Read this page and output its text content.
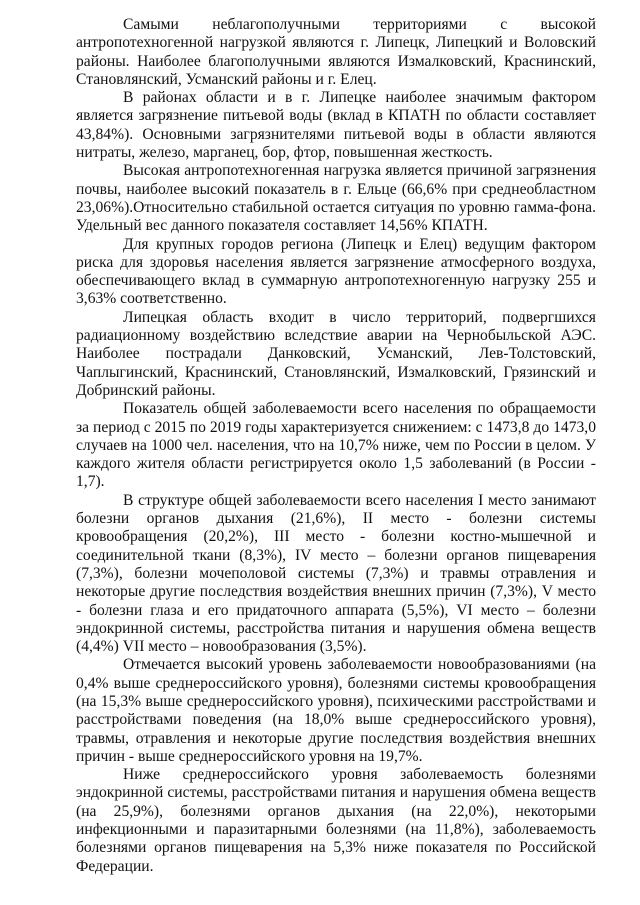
Самыми неблагополучными территориями с высокой антропотехногенной нагрузкой являются г. Липецк, Липецкий и Воловский районы. Наиболее благополучными являются Измалковский, Краснинский, Становлянский, Усманский районы и г. Елец.

В районах области и в г. Липецке наиболее значимым фактором является загрязнение питьевой воды (вклад в КПАТН по области составляет 43,84%). Основными загрязнителями питьевой воды в области являются нитраты, железо, марганец, бор, фтор, повышенная жесткость.

Высокая антропотехногенная нагрузка является причиной загрязнения почвы, наиболее высокий показатель в г. Ельце (66,6% при среднеобластном 23,06%).Относительно стабильной остается ситуация по уровню гамма-фона. Удельный вес данного показателя составляет 14,56% КПАТН.

Для крупных городов региона (Липецк и Елец) ведущим фактором риска для здоровья населения является загрязнение атмосферного воздуха, обеспечивающего вклад в суммарную антропотехногенную нагрузку 255 и 3,63% соответственно.

Липецкая область входит в число территорий, подвергшихся радиационному воздействию вследствие аварии на Чернобыльской АЭС. Наиболее пострадали Данковский, Усманский, Лев-Толстовский, Чаплыгинский, Краснинский, Становлянский, Измалковский, Грязинский и Добринский районы.

Показатель общей заболеваемости всего населения по обращаемости за период с 2015 по 2019 годы характеризуется снижением: с 1473,8 до 1473,0 случаев на 1000 чел. населения, что на 10,7% ниже, чем по России в целом. У каждого жителя области регистрируется около 1,5 заболеваний (в России - 1,7).

В структуре общей заболеваемости всего населения I место занимают болезни органов дыхания (21,6%), II место - болезни системы кровообращения (20,2%), III место - болезни костно-мышечной и соединительной ткани (8,3%), IV место – болезни органов пищеварения (7,3%), болезни мочеполовой системы (7,3%) и травмы отравления и некоторые другие последствия воздействия внешних причин (7,3%), V место - болезни глаза и его придаточного аппарата (5,5%), VI место – болезни эндокринной системы, расстройства питания и нарушения обмена веществ (4,4%) VII место – новообразования (3,5%).

Отмечается высокий уровень заболеваемости новообразованиями (на 0,4% выше среднероссийского уровня), болезнями системы кровообращения (на 15,3% выше среднероссийского уровня), психическими расстройствами и расстройствами поведения (на 18,0% выше среднероссийского уровня), травмы, отравления и некоторые другие последствия воздействия внешних причин - выше среднероссийского уровня на 19,7%.

Ниже среднероссийского уровня заболеваемость болезнями эндокринной системы, расстройствами питания и нарушения обмена веществ (на 25,9%), болезнями органов дыхания (на 22,0%), некоторыми инфекционными и паразитарными болезнями (на 11,8%), заболеваемость болезнями органов пищеварения на 5,3% ниже показателя по Российской Федерации.
